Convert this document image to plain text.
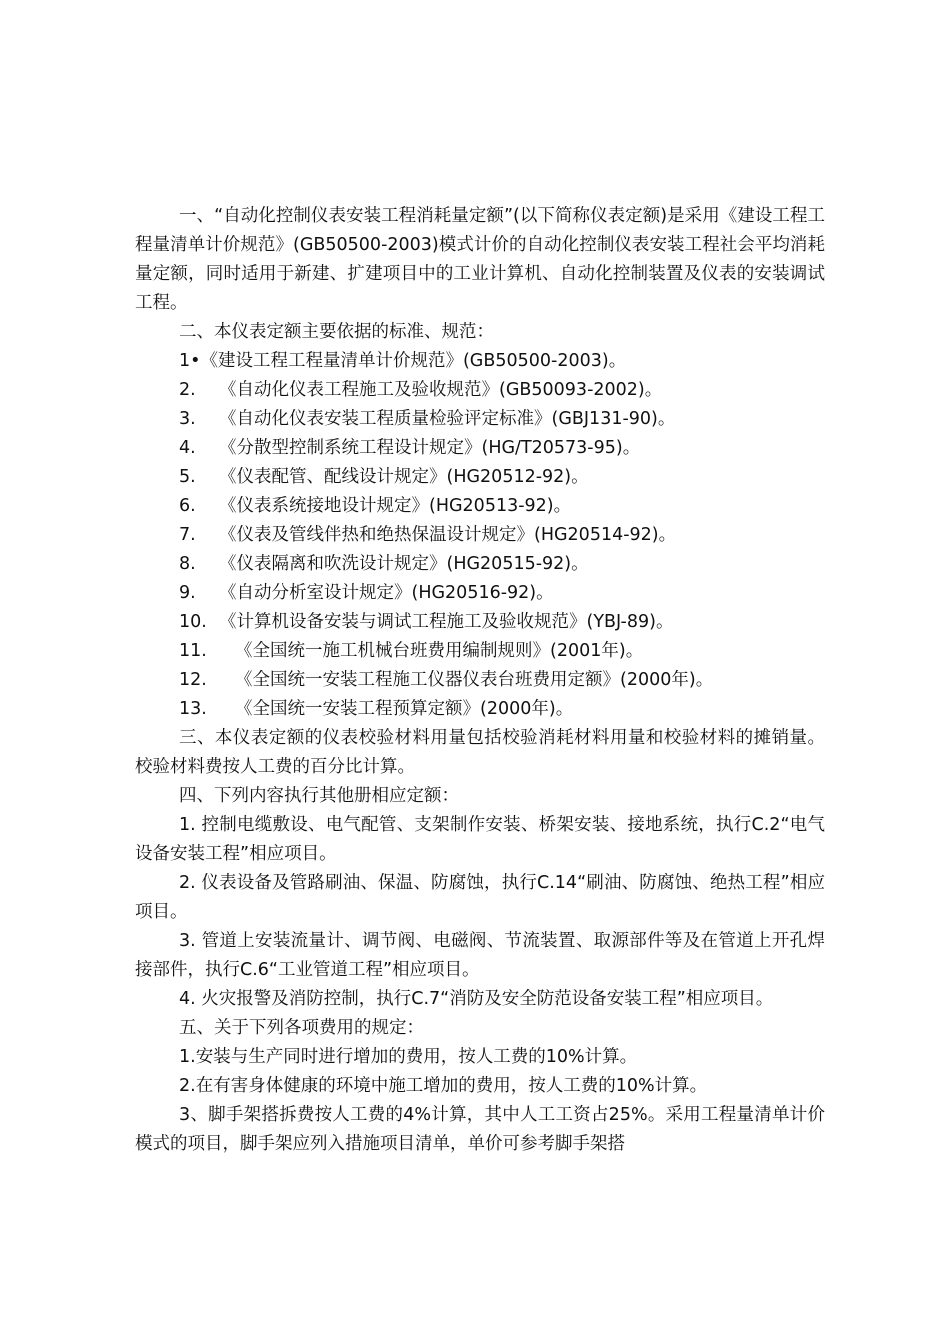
一、“自动化控制仪表安装工程消耗量定额”(以下简称仪表定额)是采用《建设工程工程量清单计价规范》(GB50500-2003)模式计价的自动化控制仪表安装工程社会平均消耗量定额，同时适用于新建、扩建项目中的工业计算机、自动化控制装置及仪表的安装调试工程。

二、本仪表定额主要依据的标准、规范：

1•《建设工程工程量清单计价规范》(GB50500-2003)。

2. 《自动化仪表工程施工及验收规范》(GB50093-2002)。

3. 《自动化仪表安装工程质量检验评定标准》(GBJ131-90)。

4. 《分散型控制系统工程设计规定》(HG/T20573-95)。

5. 《仪表配管、配线设计规定》(HG20512-92)。

6. 《仪表系统接地设计规定》(HG20513-92)。

7. 《仪表及管线伴热和绝热保温设计规定》(HG20514-92)。

8. 《仪表隔离和吹洗设计规定》(HG20515-92)。

9. 《自动分析室设计规定》(HG20516-92)。

10. 《计算机设备安装与调试工程施工及验收规范》(YBJ-89)。

11. 《全国统一施工机械台班费用编制规则》(2001年)。

12. 《全国统一安装工程施工仪器仪表台班费用定额》(2000年)。

13. 《全国统一安装工程预算定额》(2000年)。

三、本仪表定额的仪表校验材料用量包括校验消耗材料用量和校验材料的摊销量。校验材料费按人工费的百分比计算。

四、下列内容执行其他册相应定额：

1. 控制电缆敷设、电气配管、支架制作安装、桥架安装、接地系统，执行C.2“电气设备安装工程”相应项目。

2. 仪表设备及管路刷油、保温、防腐蚀，执行C.14“刷油、防腐蚀、绝热工程”相应项目。

3. 管道上安装流量计、调节阀、电磁阀、节流装置、取源部件等及在管道上开孔焊接部件，执行C.6“工业管道工程”相应项目。

4. 火灾报警及消防控制，执行C.7“消防及安全防范设备安装工程”相应项目。

五、关于下列各项费用的规定：

1.安装与生产同时进行增加的费用，按人工费的10%计算。

2.在有害身体健康的环境中施工增加的费用，按人工费的10%计算。

3、脚手架搭拆费按人工费的4%计算，其中人工工资占25%。采用工程量清单计价模式的项目，脚手架应列入措施项目清单，单价可参考脚手架搭
